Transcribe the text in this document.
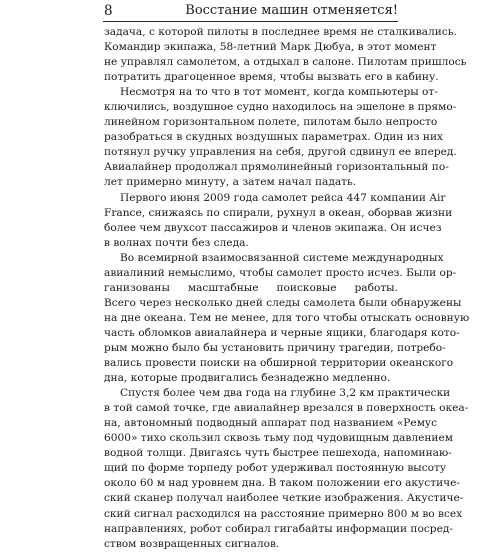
8	Восстание машин отменяется!
задача, с которой пилоты в последнее время не сталкивались.
Командир экипажа, 58-летний Марк Дюбуа, в этот момент
не управлял самолетом, а отдыхал в салоне. Пилотам пришлось
потратить драгоценное время, чтобы вызвать его в кабину.
Несмотря на то что в тот момент, когда компьютеры от-
ключились, воздушное судно находилось на эшелоне в прямо-
линейном горизонтальном полете, пилотам было непросто
разобраться в скудных воздушных параметрах. Один из них
потянул ручку управления на себя, другой сдвинул ее вперед.
Авиалайнер продолжал прямолинейный горизонтальный по-
лет примерно минуту, а затем начал падать.
Первого июня 2009 года самолет рейса 447 компании Air
France, снижаясь по спирали, рухнул в океан, оборвав жизни
более чем двухсот пассажиров и членов экипажа. Он исчез
в волнах почти без следа.
Во всемирной взаимосвязанной системе международных
авиалиний немыслимо, чтобы самолет просто исчез. Были ор-
ганизованы масштабные поисковые работы.
Всего через несколько дней следы самолета были обнаружены
на дне океана. Тем не менее, для того чтобы отыскать основную
часть обломков авиалайнера и черные ящики, благодаря кото-
рым можно было бы установить причину трагедии, потребо-
вались провести поиски на обширной территории океанского
дна, которые продвигались безнадежно медленно.
Спустя более чем два года на глубине 3,2 км практически
в той самой точке, где авиалайнер врезался в поверхность океа-
на, автономный подводный аппарат под названием «Ремус
6000» тихо скользил сквозь тьму под чудовищным давлением
водной толщи. Двигаясь чуть быстрее пешехода, напоминаю-
щий по форме торпеду робот удерживал постоянную высоту
около 60 м над уровнем дна. В таком положении его акустиче-
ский сканер получал наиболее четкие изображения. Акустиче-
ский сигнал расходился на расстояние примерно 800 м во всех
направлениях, робот собирал гигабайты информации посред-
ством возвращенных сигналов.
